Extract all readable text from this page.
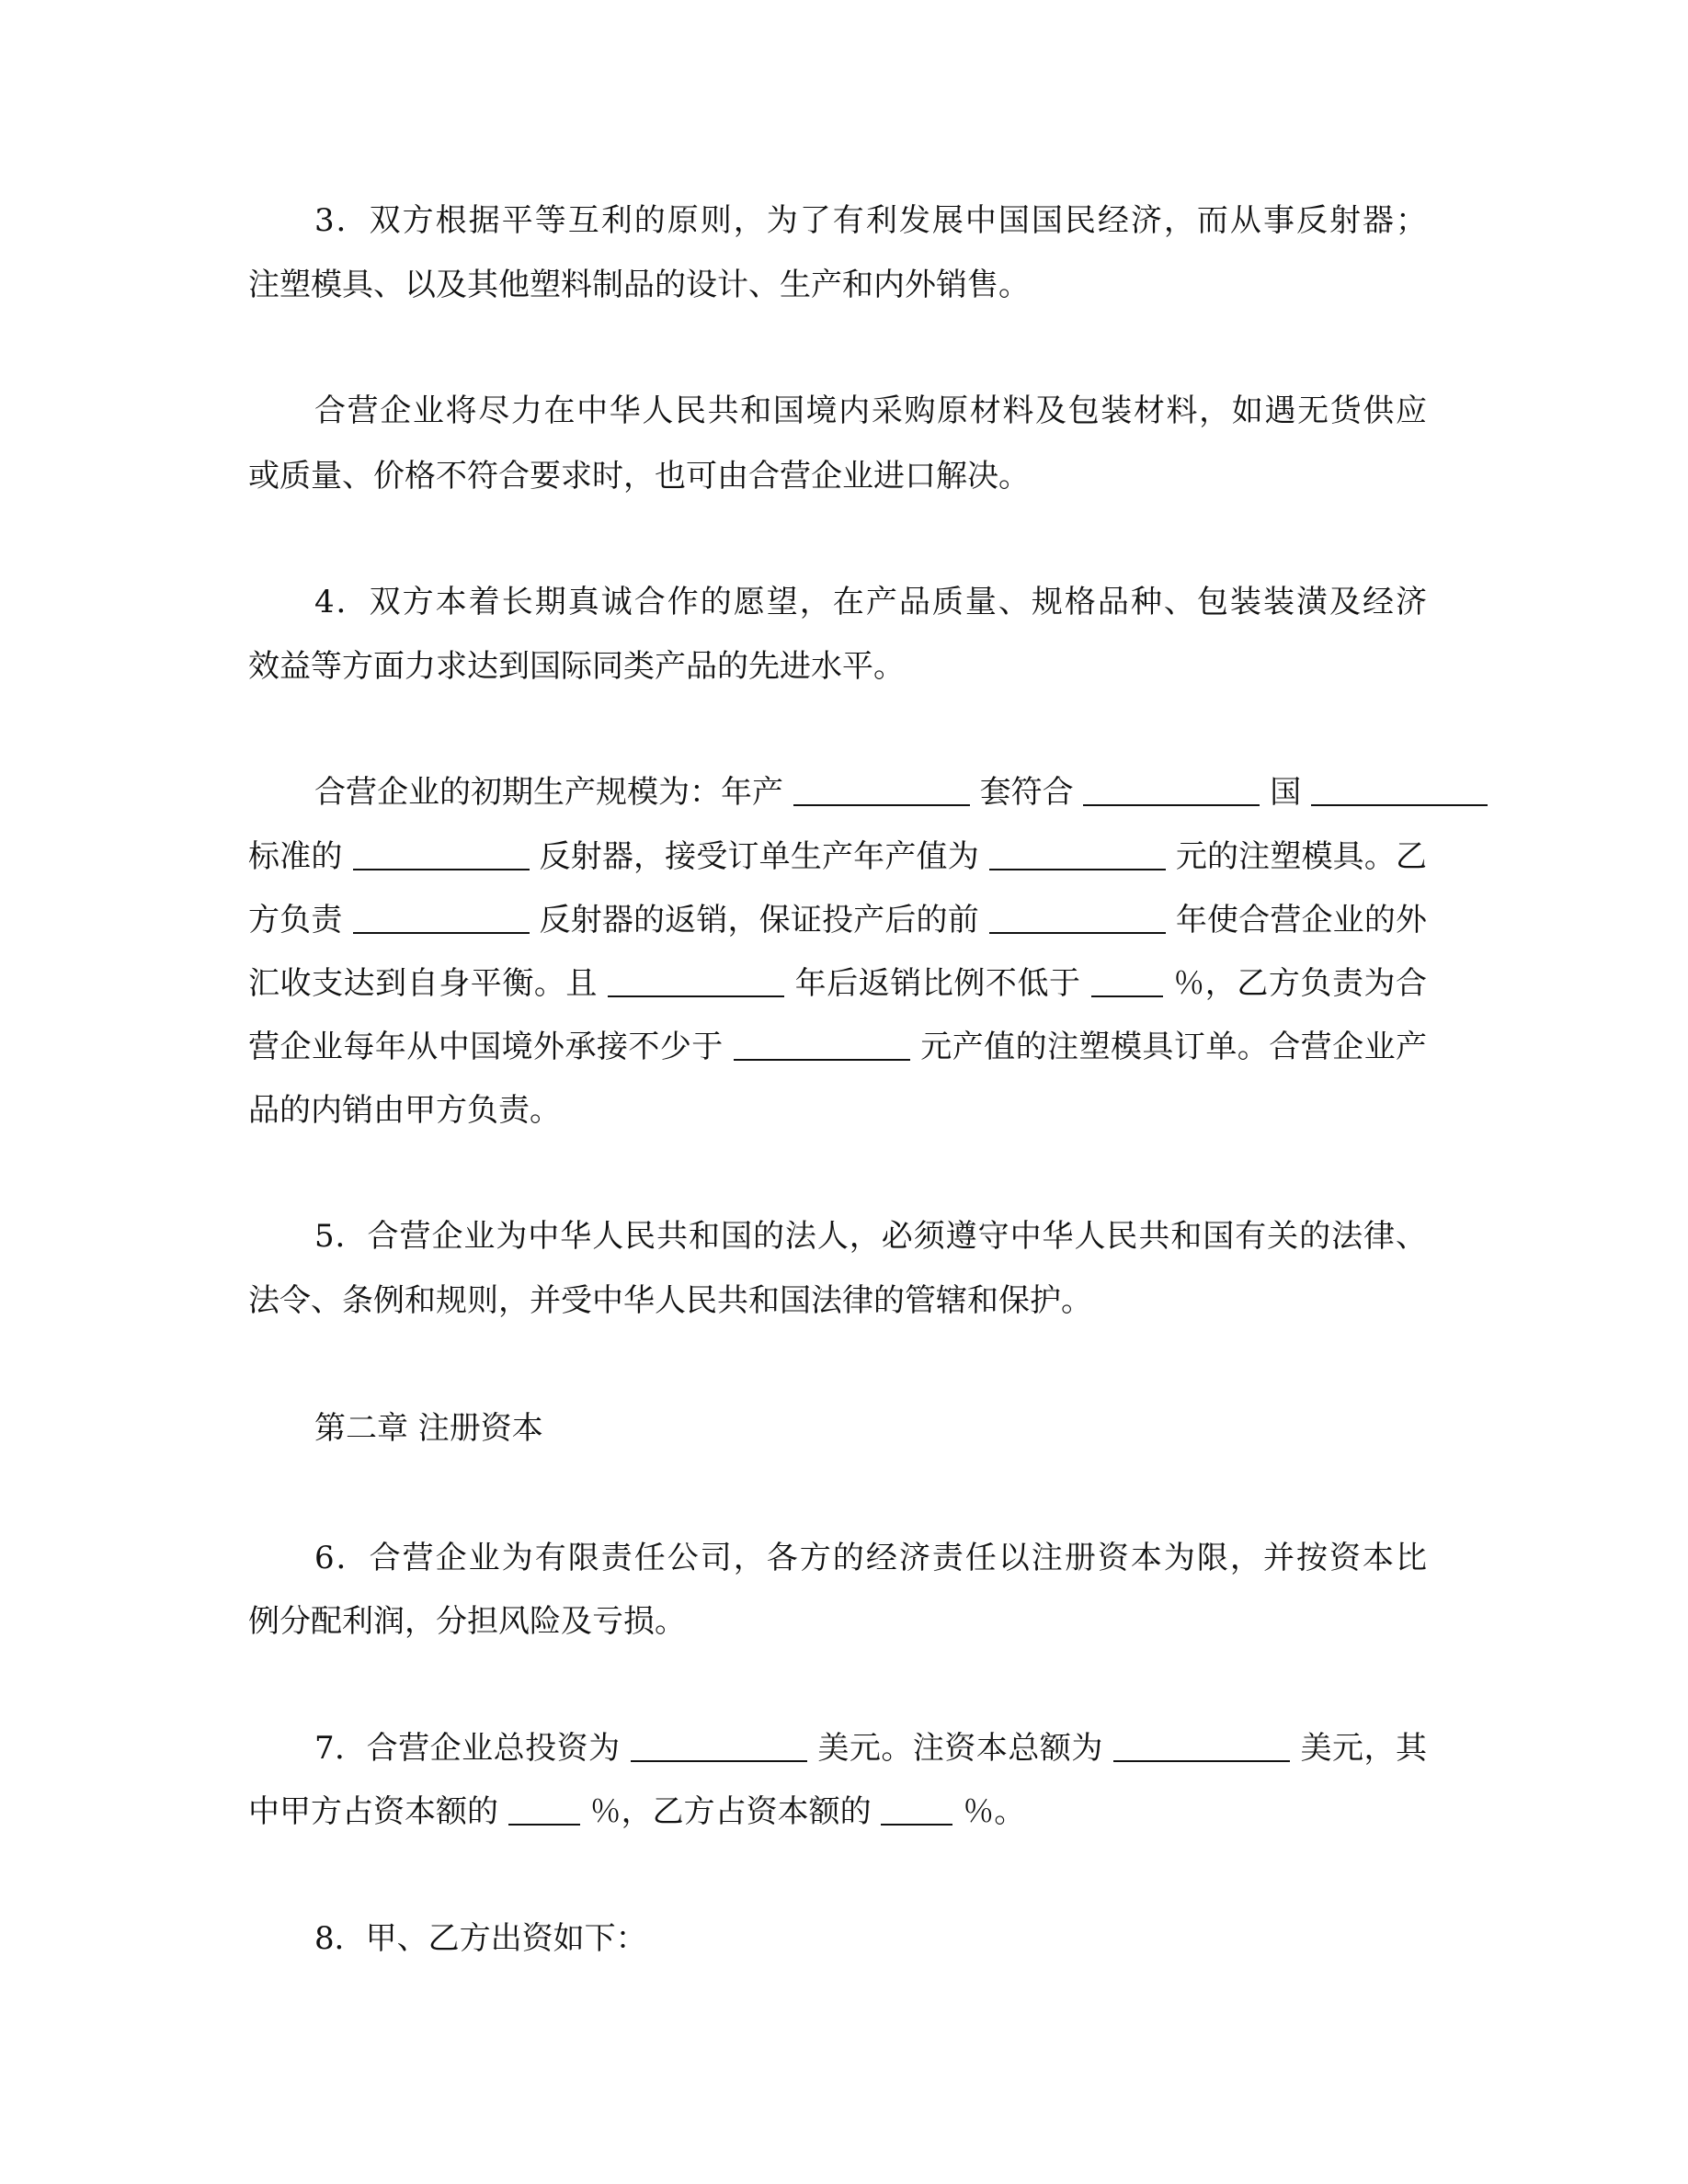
3．双方根据平等互利的原则，为了有利发展中国国民经济，而从事反射器；
注塑模具、以及其他塑料制品的设计、生产和内外销售。
合营企业将尽力在中华人民共和国境内采购原材料及包装材料，如遇无货供应
或质量、价格不符合要求时，也可由合营企业进口解决。
4．双方本着长期真诚合作的愿望，在产品质量、规格品种、包装装潢及经济
效益等方面力求达到国际同类产品的先进水平。
合营企业的初期生产规模为：年产	套符合	国
标准的	反射器，接受订单生产年产值为	元的注塑模具。乙
方负责	反射器的返销，保证投产后的前	年使合营企业的外
汇收支达到自身平衡。且	年后返销比例不低于	％，乙方负责为合
营企业每年从中国境外承接不少于	元产值的注塑模具订单。合营企业产
品的内销由甲方负责。
5．合营企业为中华人民共和国的法人，必须遵守中华人民共和国有关的法律、
法令、条例和规则，并受中华人民共和国法律的管辖和保护。
第二章 注册资本
6．合营企业为有限责任公司，各方的经济责任以注册资本为限，并按资本比
例分配利润，分担风险及亏损。
7．合营企业总投资为	美元。注资本总额为	美元，其
中甲方占资本额的	％，乙方占资本额的	％。
8．甲、乙方出资如下：
